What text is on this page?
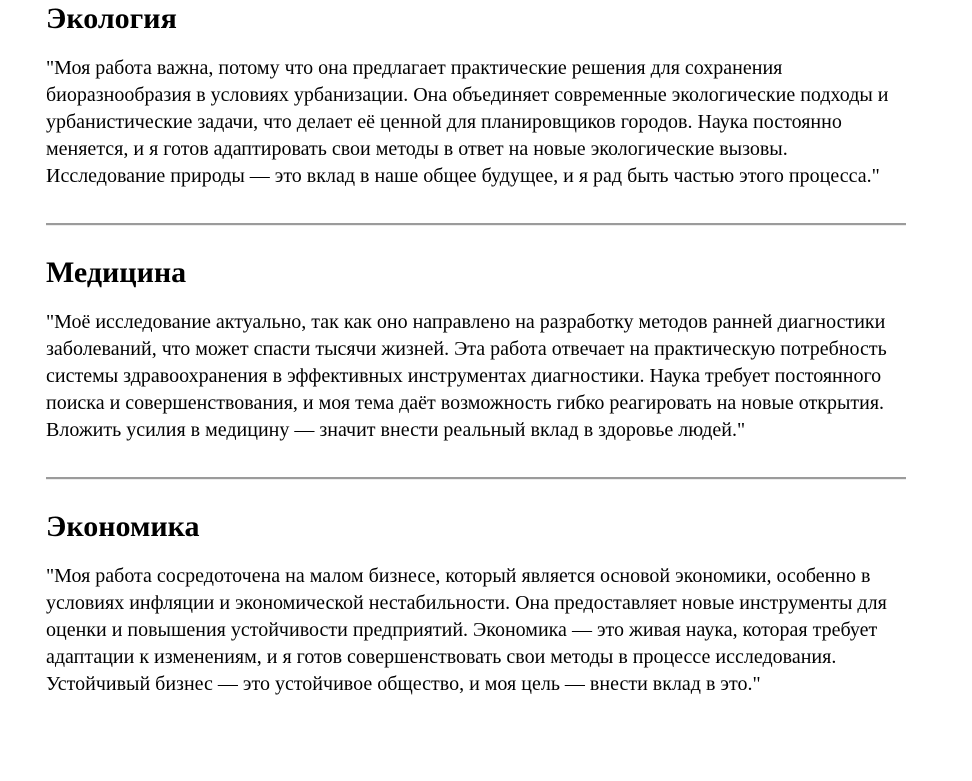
Экология

"Моя работа важна, потому что она предлагает практические решения для сохранения биоразнообразия в условиях урбанизации. Она объединяет современные экологические подходы и урбанистические задачи, что делает её ценной для планировщиков городов. Наука постоянно меняется, и я готов адаптировать свои методы в ответ на новые экологические вызовы. Исследование природы — это вклад в наше общее будущее, и я рад быть частью этого процесса."

Медицина

"Моё исследование актуально, так как оно направлено на разработку методов ранней диагностики заболеваний, что может спасти тысячи жизней. Эта работа отвечает на практическую потребность системы здравоохранения в эффективных инструментах диагностики. Наука требует постоянного поиска и совершенствования, и моя тема даёт возможность гибко реагировать на новые открытия. Вложить усилия в медицину — значит внести реальный вклад в здоровье людей."

Экономика

"Моя работа сосредоточена на малом бизнесе, который является основой экономики, особенно в условиях инфляции и экономической нестабильности. Она предоставляет новые инструменты для оценки и повышения устойчивости предприятий. Экономика — это живая наука, которая требует адаптации к изменениям, и я готов совершенствовать свои методы в процессе исследования. Устойчивый бизнес — это устойчивое общество, и моя цель — внести вклад в это."
